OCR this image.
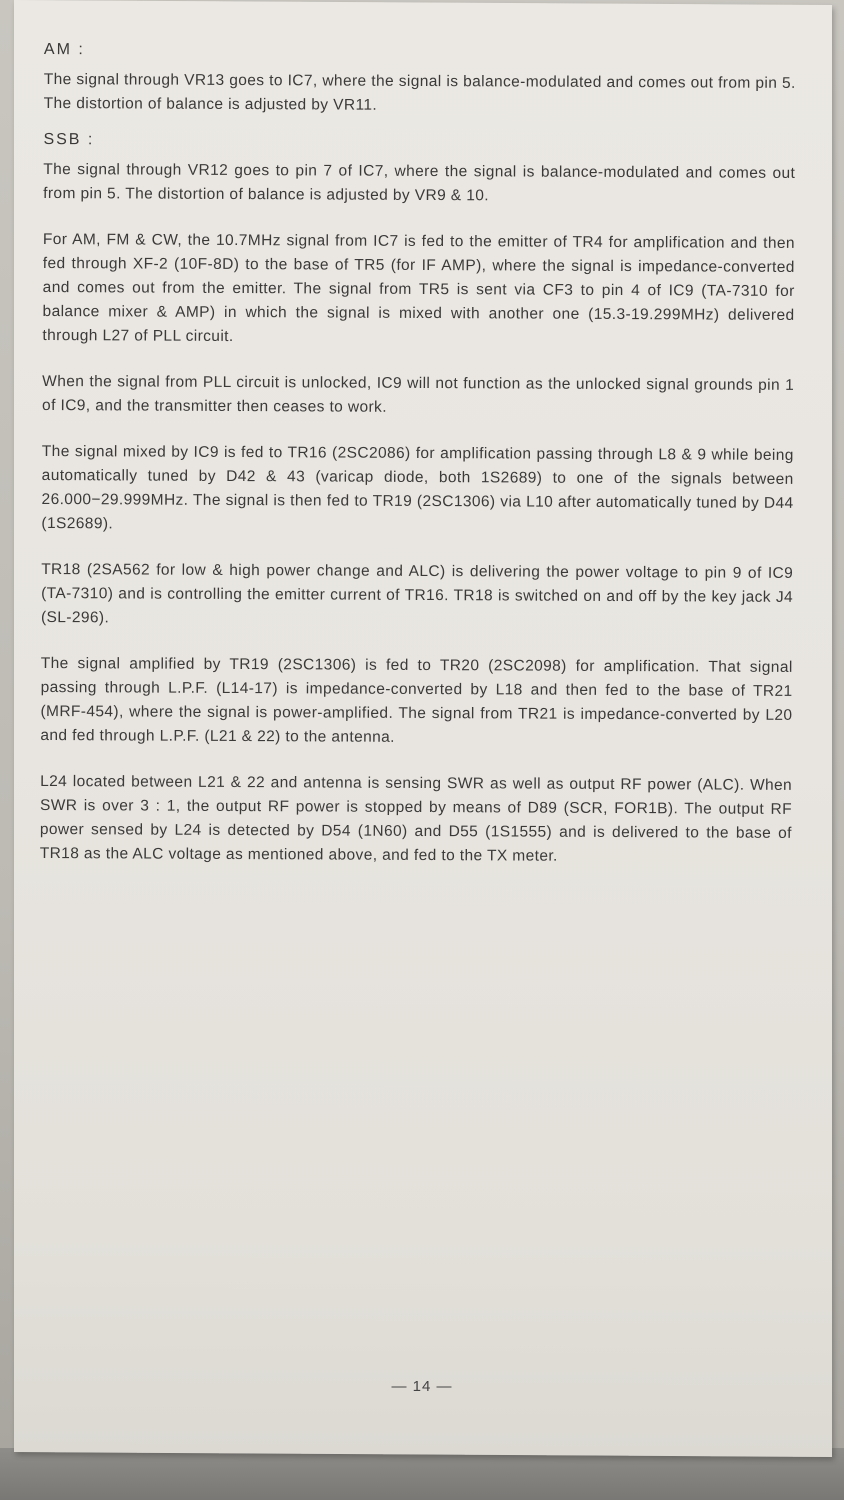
AM :

The signal through VR13 goes to IC7, where the signal is balance-modulated and comes out from pin 5. The distortion of balance is adjusted by VR11.

SSB :

The signal through VR12 goes to pin 7 of IC7, where the signal is balance-modulated and comes out from pin 5. The distortion of balance is adjusted by VR9 & 10.

For AM, FM & CW, the 10.7MHz signal from IC7 is fed to the emitter of TR4 for amplification and then fed through XF-2 (10F-8D) to the base of TR5 (for IF AMP), where the signal is impedance-converted and comes out from the emitter. The signal from TR5 is sent via CF3 to pin 4 of IC9 (TA-7310 for balance mixer & AMP) in which the signal is mixed with another one (15.3-19.299MHz) delivered through L27 of PLL circuit.

When the signal from PLL circuit is unlocked, IC9 will not function as the unlocked signal grounds pin 1 of IC9, and the transmitter then ceases to work.

The signal mixed by IC9 is fed to TR16 (2SC2086) for amplification passing through L8 & 9 while being automatically tuned by D42 & 43 (varicap diode, both 1S2689) to one of the signals between 26.000−29.999MHz. The signal is then fed to TR19 (2SC1306) via L10 after automatically tuned by D44 (1S2689).

TR18 (2SA562 for low & high power change and ALC) is delivering the power voltage to pin 9 of IC9 (TA-7310) and is controlling the emitter current of TR16. TR18 is switched on and off by the key jack J4 (SL-296).

The signal amplified by TR19 (2SC1306) is fed to TR20 (2SC2098) for amplification. That signal passing through L.P.F. (L14-17) is impedance-converted by L18 and then fed to the base of TR21 (MRF-454), where the signal is power-amplified. The signal from TR21 is impedance-converted by L20 and fed through L.P.F. (L21 & 22) to the antenna.

L24 located between L21 & 22 and antenna is sensing SWR as well as output RF power (ALC). When SWR is over 3 : 1, the output RF power is stopped by means of D89 (SCR, FOR1B). The output RF power sensed by L24 is detected by D54 (1N60) and D55 (1S1555) and is delivered to the base of TR18 as the ALC voltage as mentioned above, and fed to the TX meter.

— 14 —
